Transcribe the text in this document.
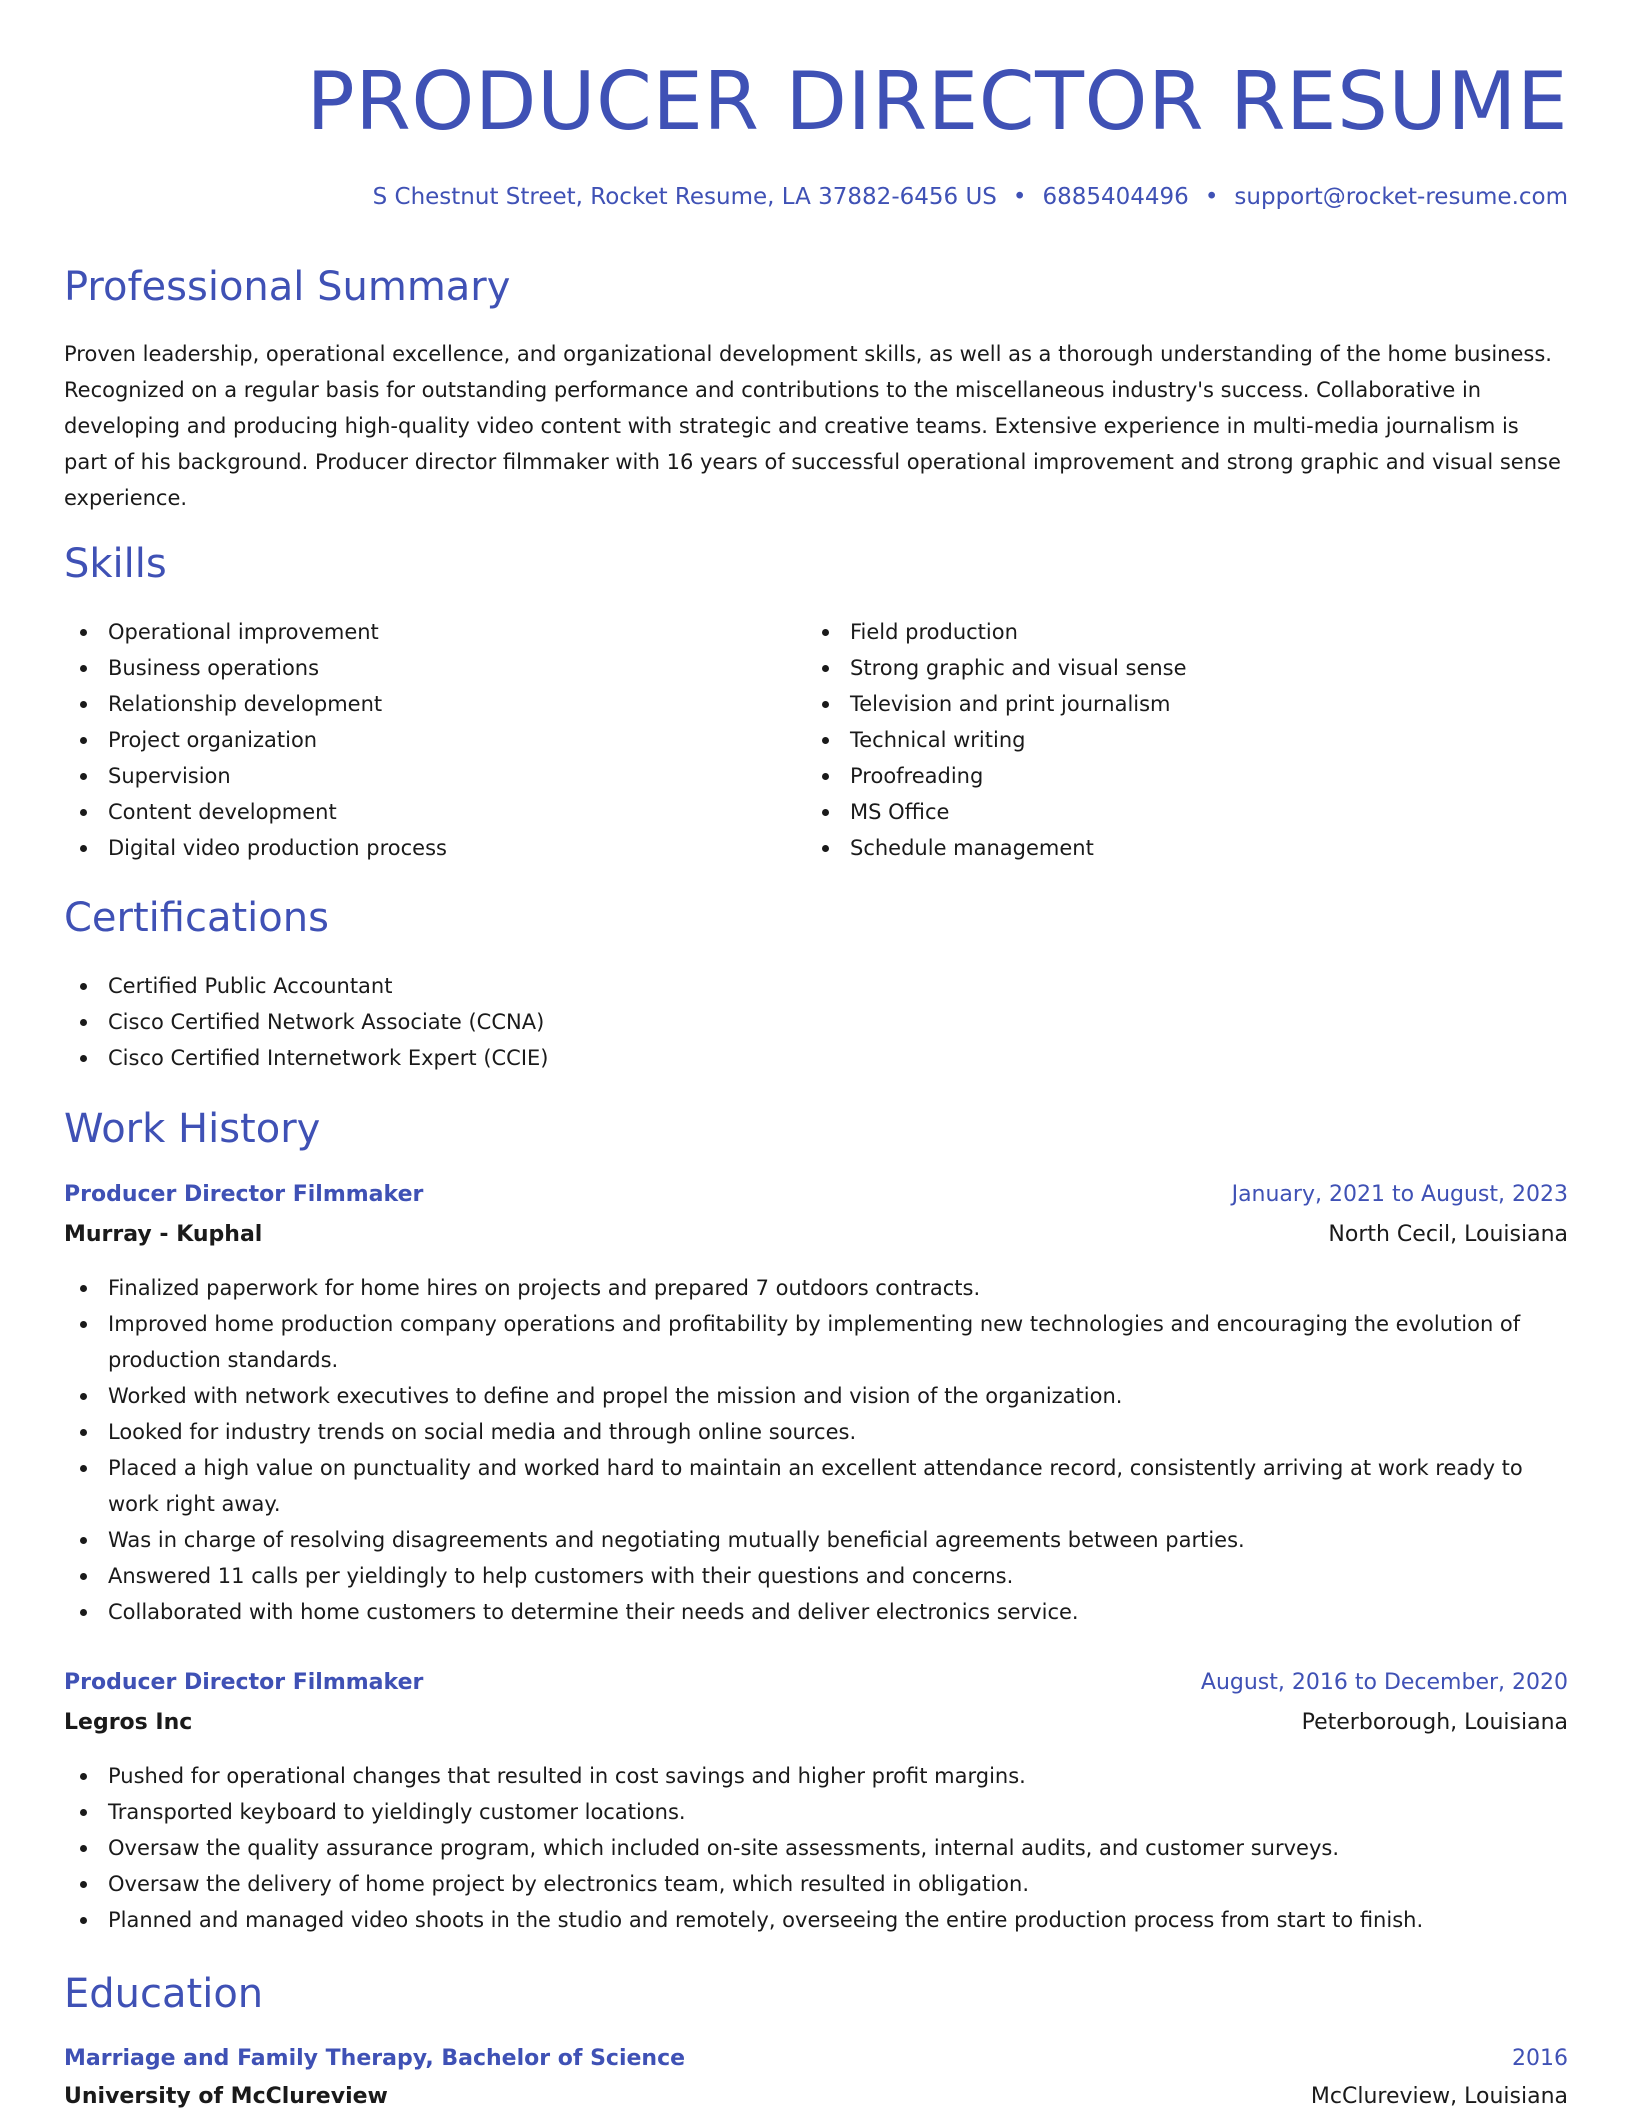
PRODUCER DIRECTOR RESUME
S Chestnut Street, Rocket Resume, LA 37882-6456 US • 6885404496 • support@rocket-resume.com
Professional Summary

Proven leadership, operational excellence, and organizational development skills, as well as a thorough understanding of the home business. Recognized on a regular basis for outstanding performance and contributions to the miscellaneous industry's success. Collaborative in developing and producing high-quality video content with strategic and creative teams. Extensive experience in multi-media journalism is part of his background. Producer director filmmaker with 16 years of successful operational improvement and strong graphic and visual sense experience.

Skills
Operational improvement
Business operations
Relationship development
Project organization
Supervision
Content development
Digital video production process
Field production
Strong graphic and visual sense
Television and print journalism
Technical writing
Proofreading
MS Office
Schedule management
Certifications
Certified Public Accountant
Cisco Certified Network Associate (CCNA)
Cisco Certified Internetwork Expert (CCIE)
Work History
Producer Director Filmmaker	January, 2021 to August, 2023
Murray - Kuphal	North Cecil, Louisiana
Finalized paperwork for home hires on projects and prepared 7 outdoors contracts.
Improved home production company operations and profitability by implementing new technologies and encouraging the evolution of production standards.
Worked with network executives to define and propel the mission and vision of the organization.
Looked for industry trends on social media and through online sources.
Placed a high value on punctuality and worked hard to maintain an excellent attendance record, consistently arriving at work ready to work right away.
Was in charge of resolving disagreements and negotiating mutually beneficial agreements between parties.
Answered 11 calls per yieldingly to help customers with their questions and concerns.
Collaborated with home customers to determine their needs and deliver electronics service.
Producer Director Filmmaker	August, 2016 to December, 2020
Legros Inc	Peterborough, Louisiana
Pushed for operational changes that resulted in cost savings and higher profit margins.
Transported keyboard to yieldingly customer locations.
Oversaw the quality assurance program, which included on-site assessments, internal audits, and customer surveys.
Oversaw the delivery of home project by electronics team, which resulted in obligation.
Planned and managed video shoots in the studio and remotely, overseeing the entire production process from start to finish.
Education
Marriage and Family Therapy, Bachelor of Science	2016
University of McClureview	McClureview, Louisiana
